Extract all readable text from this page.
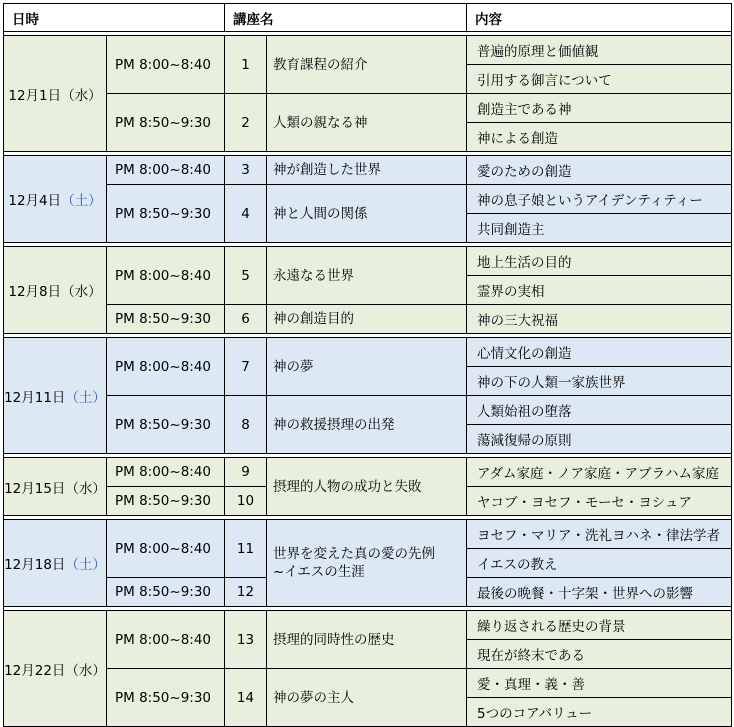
日時		講座名		内容

12月1日（水）	PM 8:00~8:40	1	教育課程の紹介	普遍的原理と価値観
				引用する御言について
	PM 8:50~9:30	2	人類の親なる神	創造主である神
				神による創造

12月4日（土）	PM 8:00~8:40	3	神が創造した世界	愛のための創造
	PM 8:50~9:30	4	神と人間の関係	神の息子娘というアイデンティティー
				共同創造主

12月8日（水）	PM 8:00~8:40	5	永遠なる世界	地上生活の目的
				霊界の実相
	PM 8:50~9:30	6	神の創造目的	神の三大祝福

12月11日（土）	PM 8:00~8:40	7	神の夢	心情文化の創造
				神の下の人類一家族世界
	PM 8:50~9:30	8	神の救援摂理の出発	人類始祖の堕落
				蕩減復帰の原則

12月15日（水）	PM 8:00~8:40	9	摂理的人物の成功と失敗	アダム家庭・ノア家庭・アブラハム家庭
	PM 8:50~9:30	10		ヤコブ・ヨセフ・モーセ・ヨシュア

12月18日（土）	PM 8:00~8:40	11	世界を変えた真の愛の先例
~イエスの生涯	ヨセフ・マリア・洗礼ヨハネ・律法学者
				イエスの教え
	PM 8:50~9:30	12		最後の晩餐・十字架・世界への影響

12月22日（水）	PM 8:00~8:40	13	摂理的同時性の歴史	繰り返される歴史の背景
				現在が終末である
	PM 8:50~9:30	14	神の夢の主人	愛・真理・義・善
				5つのコアバリュー
